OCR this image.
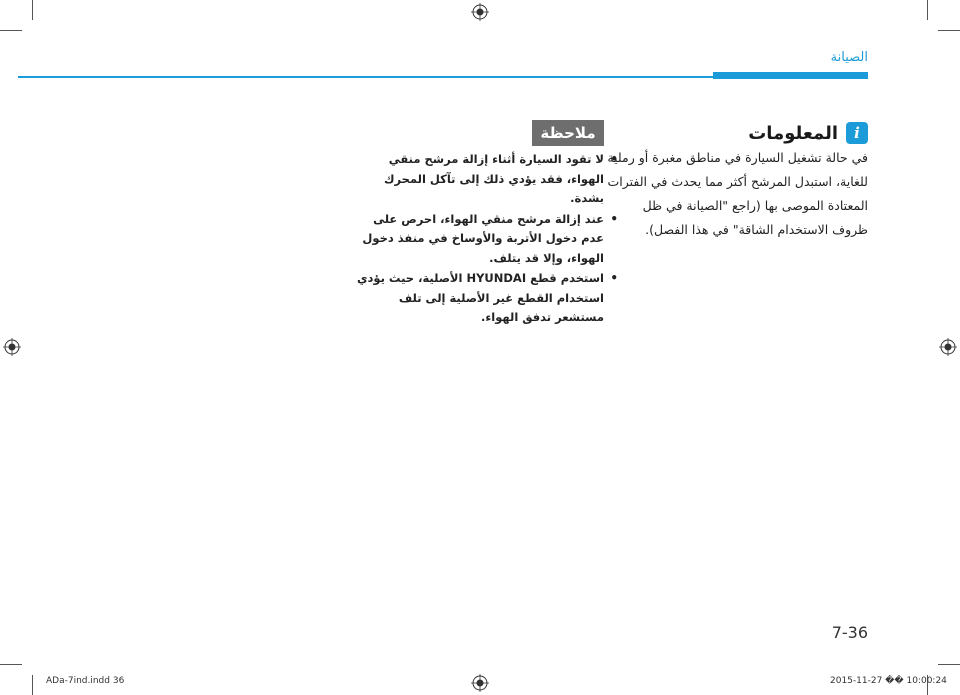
الصيانة
i
المعلومات
في حالة تشغيل السيارة في مناطق مغبرة أو رملية للغاية، استبدل المرشح أكثر مما يحدث في الفترات المعتادة الموصى بها (راجع "الصيانة في ظل ظروف الاستخدام الشاقة" في هذا الفصل).
ملاحظة
• لا تقود السيارة أثناء إزالة مرشح منقي الهواء، فقد يؤدي ذلك إلى تآكل المحرك بشدة.
• عند إزالة مرشح منقي الهواء، احرص على عدم دخول الأتربة والأوساخ في منفذ دخول الهواء، وإلا قد يتلف.
• استخدم قطع HYUNDAI الأصلية، حيث يؤدي استخدام القطع غير الأصلية إلى تلف مستشعر تدفق الهواء.
7-36
ADa-7ind.indd 36	2015-11-27 �� 10:00:24
